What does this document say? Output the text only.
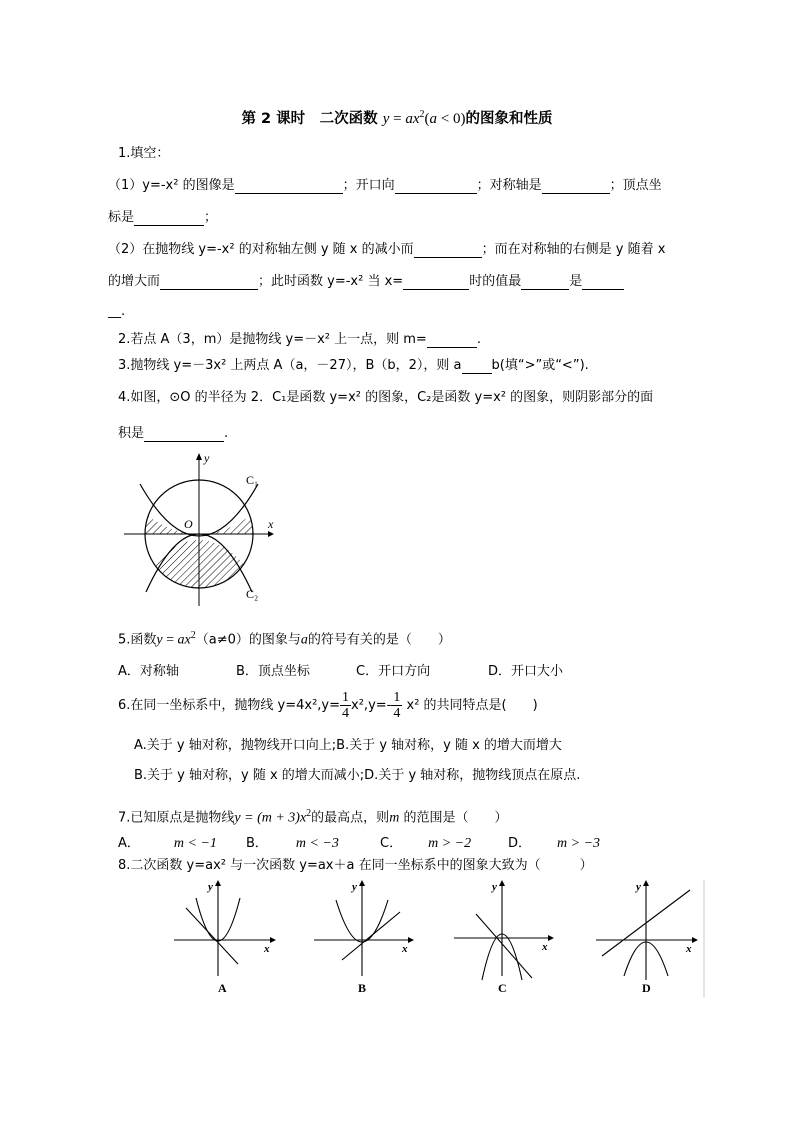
第 2 课时　二次函数 $y = ax^2(a < 0)$的图象和性质
1.填空：
（1）y=-x² 的图像是	；开口向	；对称轴是	；顶点坐
标是	；
（2）在抛物线 y=-x² 的对称轴左侧 y 随 x 的减小而	；而在对称轴的右侧是 y 随着 x
的增大而	；此时函数 y=-x² 当 x=	时的值最	是
__.
2.若点 A（3，m）是抛物线 y=－x² 上一点，则 m=	.
3.抛物线 y=－3x² 上两点 A（a，－27），B（b，2），则 a b(填“>”或“<”).
4.如图，⊙O 的半径为 2．C₁是函数 y=x² 的图象，C₂是函数 y=x² 的图象，则阴影部分的面
积是	.
y
x
O
C₁
C₂
5.函数$y = ax^2(a\ne 0)$的图象与a的符号有关的是（　　）
A．对称轴	B．顶点坐标	C．开口方向	D．开口大小
6.在同一坐标系中，抛物线 $y=4x^2,y= \frac{1}{4} x^2,y=- \frac{1}{4} x^2$ 的共同特点是(　　)
A.关于 y 轴对称，抛物线开口向上;B.关于 y 轴对称，y 随 x 的增大而增大
B.关于 y 轴对称，y 随 x 的增大而减小;D.关于 y 轴对称，抛物线顶点在原点.
7.已知原点是抛物线$y = (m + 3)x^2$的最高点，则m 的范围是（　　）
A． m < −1 B． m < −3	C． m > −2	D． m > −3
8.二次函数 y=ax² 与一次函数 y=ax＋a 在同一坐标系中的图象大致为（　　　）
y
x
A
y
x
B
y
x
C
y
x
D
